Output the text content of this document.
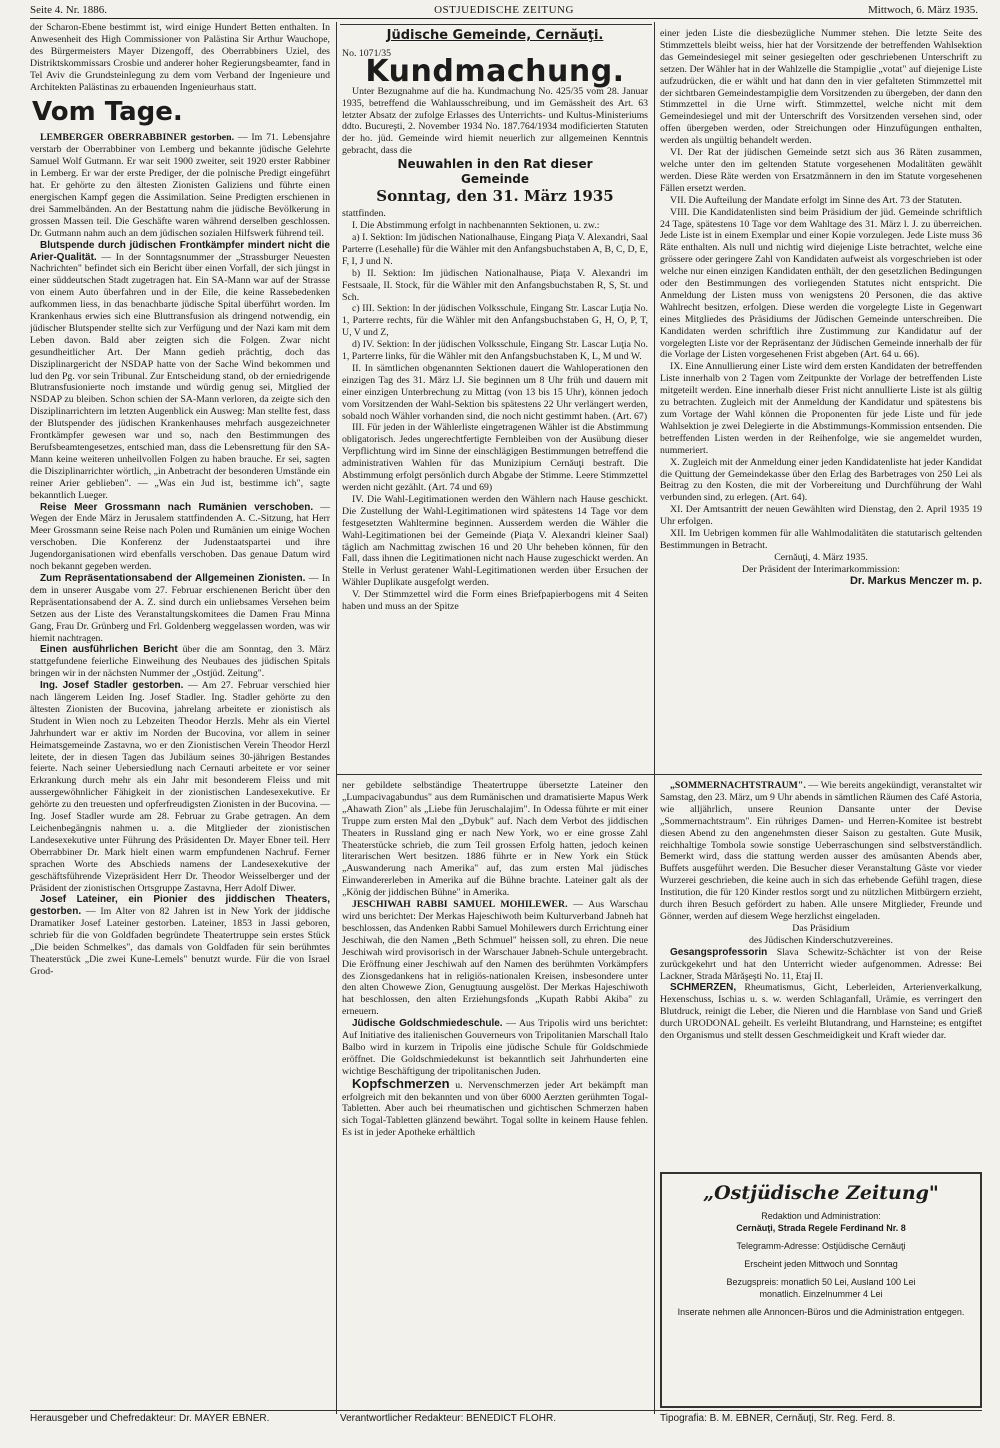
Seite 4. Nr. 1886.	OSTJUEDISCHE ZEITUNG	Mittwoch, 6. März 1935.

der Scharon-Ebene bestimmt ist, wird einige Hundert Betten enthalten. In Anwesenheit des High Commissioner von Palästina Sir Arthur Wauchope, des Bürgermeisters Mayer Dizengoff, des Oberrabbiners Uziel, des Distriktskommissars Crosbie und anderer hoher Regierungsbeamter, fand in Tel Aviv die Grundsteinlegung zu dem vom Verband der Ingenieure und Architekten Palästinas zu erbauenden Ingenieurhaus statt.

Vom Tage.

LEMBERGER OBERRABBINER gestorben. — Im 71. Lebensjahre verstarb der Oberrabbiner von Lemberg und bekannte jüdische Gelehrte Samuel Wolf Gutmann. Er war seit 1900 zweiter, seit 1920 erster Rabbiner in Lemberg. Er war der erste Prediger, der die polnische Predigt eingeführt hat. Er gehörte zu den ältesten Zionisten Galiziens und führte einen energischen Kampf gegen die Assimilation. Seine Predigten erschienen in drei Sammelbänden. An der Bestattung nahm die jüdische Bevölkerung in grossen Massen teil. Die Geschäfte waren während derselben geschlossen. Dr. Gutmann nahm auch an dem jüdischen sozialen Hilfswerk führend teil.

Blutspende durch jüdischen Frontkämpfer mindert nicht die Arier-Qualität. — In der Sonntagsnummer der „Strassburger Neuesten Nachrichten" befindet sich ein Bericht über einen Vorfall, der sich jüngst in einer süddeutschen Stadt zugetragen hat. Ein SA-Mann war auf der Strasse von einem Auto überfahren und in der Eile, die keine Rassebedenken aufkommen liess, in das benachbarte jüdische Spital überführt worden. Im Krankenhaus erwies sich eine Bluttransfusion als dringend notwendig, ein jüdischer Blutspender stellte sich zur Verfügung und der Nazi kam mit dem Leben davon. Bald aber zeigten sich die Folgen. Zwar nicht gesundheitlicher Art. Der Mann gedieh prächtig, doch das Disziplinargericht der NSDAP hatte von der Sache Wind bekommen und lud den Pg. vor sein Tribunal. Zur Entscheidung stand, ob der erniedrigende Blutransfusionierte noch imstande und würdig genug sei, Mitglied der NSDAP zu bleiben. Schon schien der SA-Mann verloren, da zeigte sich den Disziplinarrichtern im letzten Augenblick ein Ausweg: Man stellte fest, dass der Blutspender des jüdischen Krankenhauses mehrfach ausgezeichneter Frontkämpfer gewesen war und so, nach den Bestimmungen des Berufsbeamtengesetzes, entschied man, dass die Lebensrettung für den SA-Mann keine weiteren unheilvollen Folgen zu haben brauche. Er sei, sagten die Disziplinarrichter wörtlich, „in Anbetracht der besonderen Umstände ein reiner Arier geblieben". — „Was ein Jud ist, bestimme ich", sagte bekanntlich Lueger.

Reise Meer Grossmann nach Rumänien verschoben. — Wegen der Ende März in Jerusalem stattfindenden A. C.-Sitzung, hat Herr Meer Grossmann seine Reise nach Polen und Rumänien um einige Wochen verschoben. Die Konferenz der Judenstaatspartei und ihre Jugendorganisationen wird ebenfalls verschoben. Das genaue Datum wird noch bekannt gegeben werden.

Zum Repräsentationsabend der Allgemeinen Zionisten. — In dem in unserer Ausgabe vom 27. Februar erschienenen Bericht über den Repräsentationsabend der A. Z. sind durch ein unliebsames Versehen beim Setzen aus der Liste des Veranstaltungskomitees die Damen Frau Minna Gang, Frau Dr. Grünberg und Frl. Goldenberg weggelassen worden, was wir hiemit nachtragen.

Einen ausführlichen Bericht über die am Sonntag, den 3. März stattgefundene feierliche Einweihung des Neubaues des jüdischen Spitals bringen wir in der nächsten Nummer der „Ostjüd. Zeitung".

Ing. Josef Stadler gestorben. — Am 27. Februar verschied hier nach längerem Leiden Ing. Josef Stadler. Ing. Stadler gehörte zu den ältesten Zionisten der Bucovina, jahrelang arbeitete er zionistisch als Student in Wien noch zu Lebzeiten Theodor Herzls. Mehr als ein Viertel Jahrhundert war er aktiv im Norden der Bucovina, vor allem in seiner Heimatsgemeinde Zastavna, wo er den Zionistischen Verein Theodor Herzl leitete, der in diesen Tagen das Jubiläum seines 30-jährigen Bestandes feierte. Nach seiner Uebersiedlung nach Cernauti arbeitete er vor seiner Erkrankung durch mehr als ein Jahr mit besonderem Fleiss und mit aussergewöhnlicher Fähigkeit in der zionistischen Landesexekutive. Er gehörte zu den treuesten und opferfreudigsten Zionisten in der Bucovina. — Ing. Josef Stadler wurde am 28. Februar zu Grabe getragen. An dem Leichenbegängnis nahmen u. a. die Mitglieder der zionistischen Landesexekutive unter Führung des Präsidenten Dr. Mayer Ebner teil. Herr Oberrabbiner Dr. Mark hielt einen warm empfundenen Nachruf. Ferner sprachen Worte des Abschieds namens der Landesexekutive der geschäftsführende Vizepräsident Herr Dr. Theodor Weisselberger und der Präsident der zionistischen Ortsgruppe Zastavna, Herr Adolf Diwer.

Josef Lateiner, ein Pionier des jiddischen Theaters, gestorben. — Im Alter von 82 Jahren ist in New York der jiddische Dramatiker Josef Lateiner gestorben. Lateiner, 1853 in Jassi geboren, schrieb für die von Goldfaden begründete Theatertruppe sein erstes Stück „Die beiden Schmelkes", das damals von Goldfaden für sein berühmtes Theaterstück „Die zwei Kune-Lemels" benutzt wurde. Für die von Israel Grod-

Jüdische Gemeinde, Cernăuţi.

No. 1071/35

Kundmachung.

Unter Bezugnahme auf die ha. Kundmachung No. 425/35 vom 28. Januar 1935, betreffend die Wahlausschreibung, und im Gemässheit des Art. 63 letzter Absatz der zufolge Erlasses des Unterrichts- und Kultus-Ministeriums ddto. Bucureşti, 2. November 1934 No. 187.764/1934 modificierten Statuten der ho. jüd. Gemeinde wird hiemit neuerlich zur allgemeinen Kenntnis gebracht, dass die

Neuwahlen in den Rat dieser
Gemeinde
Sonntag, den 31. März 1935

stattfinden.

I. Die Abstimmung erfolgt in nachbenannten Sektionen, u. zw.:

a) I. Sektion: Im jüdischen Nationalhause, Eingang Piaţa V. Alexandri, Saal Parterre (Lesehalle) für die Wähler mit den Anfangsbuchstaben A, B, C, D, E, F, I, J und N.

b) II. Sektion: Im jüdischen Nationalhause, Piaţa V. Alexandri im Festsaale, II. Stock, für die Wähler mit den Anfangsbuchstaben R, S, St. und Sch.

c) III. Sektion: In der jüdischen Volksschule, Eingang Str. Lascar Luţia No. 1, Parterre rechts, für die Wähler mit den Anfangsbuchstaben G, H, O, P, T, U, V und Z,

d) IV. Sektion: In der jüdischen Volksschule, Eingang Str. Lascar Luţia No. 1, Parterre links, für die Wähler mit den Anfangsbuchstaben K, L, M und W.

II. In sämtlichen obgenannten Sektionen dauert die Wahloperationen den einzigen Tag des 31. März l.J. Sie beginnen um 8 Uhr früh und dauern mit einer einzigen Unterbrechung zu Mittag (von 13 bis 15 Uhr), können jedoch vom Vorsitzenden der Wahl-Sektion bis spätestens 22 Uhr verlängert werden, sobald noch Wähler vorhanden sind, die noch nicht gestimmt haben. (Art. 67)

III. Für jeden in der Wählerliste eingetragenen Wähler ist die Abstimmung obligatorisch. Jedes ungerechtfertigte Fernbleiben von der Ausübung dieser Verpflichtung wird im Sinne der einschlägigen Bestimmungen betreffend die administrativen Wahlen für das Munizipium Cernăuţi bestraft. Die Abstimmung erfolgt persönlich durch Abgabe der Stimme. Leere Stimmzettel werden nicht gezählt. (Art. 74 und 69)

IV. Die Wahl-Legitimationen werden den Wählern nach Hause geschickt. Die Zustellung der Wahl-Legitimationen wird spätestens 14 Tage vor dem festgesetzten Wahltermine beginnen. Ausserdem werden die Wähler die Wahl-Legitimationen bei der Gemeinde (Piaţa V. Alexandri kleiner Saal) täglich am Nachmittag zwischen 16 und 20 Uhr beheben können, für den Fall, dass ihnen die Legitimationen nicht nach Hause zugeschickt werden. An Stelle in Verlust geratener Wahl-Legitimationen werden über Ersuchen der Wähler Duplikate ausgefolgt werden.

V. Der Stimmzettel wird die Form eines Briefpapierbogens mit 4 Seiten haben und muss an der Spitze

einer jeden Liste die diesbezügliche Nummer stehen. Die letzte Seite des Stimmzettels bleibt weiss, hier hat der Vorsitzende der betreffenden Wahlsektion das Gemeindesiegel mit seiner gesiegelten oder geschriebenen Unterschrift zu setzen. Der Wähler hat in der Wahlzelle die Stampiglie „votat" auf diejenige Liste aufzudrücken, die er wählt und hat dann den in vier gefalteten Stimmzettel mit der sichtbaren Gemeindestampiglie dem Vorsitzenden zu übergeben, der dann den Stimmzettel in die Urne wirft. Stimmzettel, welche nicht mit dem Gemeindesiegel und mit der Unterschrift des Vorsitzenden versehen sind, oder offen übergeben werden, oder Streichungen oder Hinzufügungen enthalten, werden als ungültig behandelt werden.

VI. Der Rat der jüdischen Gemeinde setzt sich aus 36 Räten zusammen, welche unter den im geltenden Statute vorgesehenen Modalitäten gewählt werden. Diese Räte werden von Ersatzmännern in den im Statute vorgesehenen Fällen ersetzt werden.

VII. Die Aufteilung der Mandate erfolgt im Sinne des Art. 73 der Statuten.

VIII. Die Kandidatenlisten sind beim Präsidium der jüd. Gemeinde schriftlich 24 Tage, spätestens 10 Tage vor dem Wahltage des 31. März l. J. zu überreichen. Jede Liste ist in einem Exemplar und einer Kopie vorzulegen. Jede Liste muss 36 Räte enthalten. Als null und nichtig wird diejenige Liste betrachtet, welche eine grössere oder geringere Zahl von Kandidaten aufweist als vorgeschrieben ist oder welche nur einen einzigen Kandidaten enthält, der den gesetzlichen Bedingungen oder den Bestimmungen des vorliegenden Statutes nicht entspricht. Die Anmeldung der Listen muss von wenigstens 20 Personen, die das aktive Wahlrecht besitzen, erfolgen. Diese werden die vorgelegte Liste in Gegenwart eines Mitgliedes des Präsidiums der Jüdischen Gemeinde unterschreiben. Die Kandidaten werden schriftlich ihre Zustimmung zur Kandidatur auf der vorgelegten Liste vor der Repräsentanz der Jüdischen Gemeinde innerhalb der für die Vorlage der Listen vorgesehenen Frist abgeben (Art. 64 u. 66).

IX. Eine Annullierung einer Liste wird dem ersten Kandidaten der betreffenden Liste innerhalb von 2 Tagen vom Zeitpunkte der Vorlage der betreffenden Liste mitgeteilt werden. Eine innerhalb dieser Frist nicht annullierte Liste ist als gültig zu betrachten. Zugleich mit der Anmeldung der Kandidatur und spätestens bis zum Vortage der Wahl können die Proponenten für jede Liste und für jede Wahlsektion je zwei Delegierte in die Abstimmungs-Kommission entsenden. Die betreffenden Listen werden in der Reihenfolge, wie sie angemeldet wurden, nummeriert.

X. Zugleich mit der Anmeldung einer jeden Kandidatenliste hat jeder Kandidat die Quittung der Gemeindekasse über den Erlag des Barbetrages von 250 Lei als Beitrag zu den Kosten, die mit der Vorbereitung und Durchführung der Wahl verbunden sind, zu erlegen. (Art. 64).

XI. Der Amtsantritt der neuen Gewählten wird Dienstag, den 2. April 1935 19 Uhr erfolgen.

XII. Im Uebrigen kommen für alle Wahlmodalitäten die statutarisch geltenden Bestimmungen in Betracht.

Cernăuţi, 4. März 1935.

Der Präsident der Interimarkommission:

Dr. Markus Menczer m. p.

ner gebildete selbständige Theatertruppe übersetzte Lateiner den „Lumpacivagabundus" aus dem Rumänischen und dramatisierte Mapus Werk „Ahawath Zion" als „Liebe fün Jeruschalajim". In Odessa führte er mit einer Truppe zum ersten Mal den „Dybuk" auf. Nach dem Verbot des jiddischen Theaters in Russland ging er nach New York, wo er eine grosse Zahl Theaterstücke schrieb, die zum Teil grossen Erfolg hatten, jedoch keinen literarischen Wert besitzen. 1886 führte er in New York ein Stück „Auswanderung nach Amerika" auf, das zum ersten Mal jüdisches Einwandererleben in Amerika auf die Bühne brachte. Lateiner galt als der „König der jiddischen Bühne" in Amerika.

JESCHIWAH RABBI SAMUEL MOHILEWER. — Aus Warschau wird uns berichtet: Der Merkas Hajeschiwoth beim Kulturverband Jabneh hat beschlossen, das Andenken Rabbi Samuel Mohilewers durch Errichtung einer Jeschiwah, die den Namen „Beth Schmuel" heissen soll, zu ehren. Die neue Jeschiwah wird provisorisch in der Warschauer Jabneh-Schule untergebracht. Die Eröffnung einer Jeschiwah auf den Namen des berühmten Vorkämpfers des Zionsgedankens hat in religiös-nationalen Kreisen, insbesondere unter den alten Chowewe Zion, Genugtuung ausgelöst. Der Merkas Hajeschiwoth hat beschlossen, den alten Erziehungsfonds „Kupath Rabbi Akiba" zu erneuern.

Jüdische Goldschmiedeschule. — Aus Tripolis wird uns berichtet: Auf Initiative des italienischen Gouverneurs von Tripolitanien Marschall Italo Balbo wird in kurzem in Tripolis eine jüdische Schule für Goldschmiede eröffnet. Die Goldschmiedekunst ist bekanntlich seit Jahrhunderten eine wichtige Beschäftigung der tripolitanischen Juden.

Kopfschmerzen u. Nervenschmerzen jeder Art bekämpft man erfolgreich mit den bekannten und von über 6000 Aerzten gerühmten Togal-Tabletten. Aber auch bei rheumatischen und gichtischen Schmerzen haben sich Togal-Tabletten glänzend bewährt. Togal sollte in keinem Hause fehlen. Es ist in jeder Apotheke erhältlich

„SOMMERNACHTSTRAUM". — Wie bereits angekündigt, veranstaltet wir Samstag, den 23. März, um 9 Uhr abends in sämtlichen Räumen des Café Astoria, wie alljährlich, unsere Reunion Dansante unter der Devise „Sommernachtstraum". Ein rühriges Damen- und Herren-Komitee ist bestrebt diesen Abend zu den angenehmsten dieser Saison zu gestalten. Gute Musik, reichhaltige Tombola sowie sonstige Ueberraschungen sind selbstverständlich. Bemerkt wird, dass die stattung werden ausser des amüsanten Abends aber, Buffets ausgeführt werden. Die Besucher dieser Veranstaltung Gäste vor vieder Wurzerei geschrieben, die keine auch in sich das erhebende Gefühl tragen, diese Institution, die für 120 Kinder restlos sorgt und zu nützlichen Mitbürgern erzieht, durch ihren Besuch gefördert zu haben. Alle unsere Mitglieder, Freunde und Gönner, werden auf diesem Wege herzlichst eingeladen.

Das Präsidium

des Jüdischen Kinderschutzvereines.

Gesangsprofessorin Slava Schewitz-Schächter ist von der Reise zurückgekehrt und hat den Unterricht wieder aufgenommen. Adresse: Bei Lackner, Strada Mărăşeşti No. 11, Etaj II.

SCHMERZEN, Rheumatismus, Gicht, Leberleiden, Arterienverkalkung, Hexenschuss, Ischias u. s. w. werden Schlaganfall, Urämie, es verringert den Blutdruck, reinigt die Leber, die Nieren und die Harnblase von Sand und Grieß durch URODONAL geheilt. Es verleiht Blutandrang, und Harnsteine; es entgiftet den Organismus und stellt dessen Geschmeidigkeit und Kraft wieder dar.

„Ostjüdische Zeitung"
Redaktion und Administration:
Cernăuţi, Strada Regele Ferdinand Nr. 8
Telegramm-Adresse: Ostjüdische Cernăuţi
Erscheint jeden Mittwoch und Sonntag
Bezugspreis: monatlich 50 Lei, Ausland 100 Lei
monatlich. Einzelnummer 4 Lei
Inserate nehmen alle Annoncen-Büros und die Administration entgegen.
Herausgeber und Chefredakteur: Dr. MAYER EBNER.	Verantwortlicher Redakteur: BENEDICT FLOHR.	Tipografia: B. M. EBNER, Cernăuţi, Str. Reg. Ferd. 8.
